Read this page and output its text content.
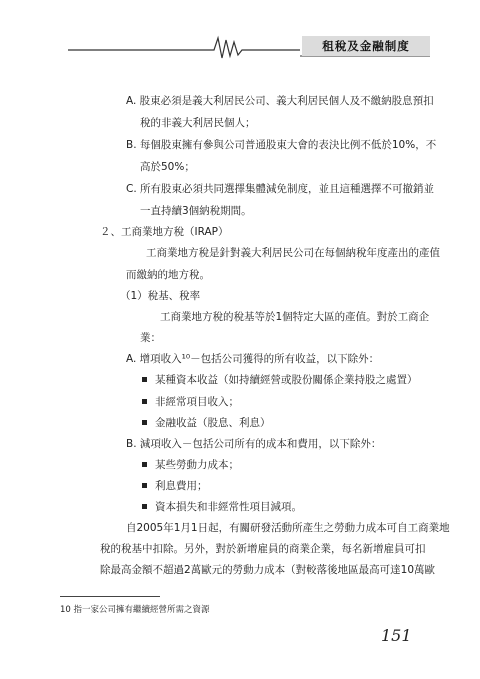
租稅及金融制度
A. 股東必須是義大利居民公司、義大利居民個人及不繳納股息預扣
稅的非義大利居民個人；
B. 每個股東擁有參與公司普通股東大會的表決比例不低於10%，不
高於50%；
C. 所有股東必須共同選擇集體減免制度，並且這種選擇不可撤銷並
一直持續3個納稅期間。
２、工商業地方稅（IRAP）
工商業地方稅是針對義大利居民公司在每個納稅年度產出的產值
而繳納的地方稅。
（1）稅基、稅率
工商業地方稅的稅基等於1個特定大區的產值。對於工商企
業：
A. 增項收入¹⁰－包括公司獲得的所有收益，以下除外：
某種資本收益（如持續經營或股份關係企業持股之處置）
非經常項目收入；
金融收益（股息、利息）
B. 減項收入－包括公司所有的成本和費用，以下除外：
某些勞動力成本；
利息費用；
資本損失和非經常性項目減項。
自2005年1月1日起，有關研發活動所產生之勞動力成本可自工商業地
稅的稅基中扣除。另外，對於新增雇員的商業企業，每名新增雇員可扣
除最高金額不超過2萬歐元的勞動力成本（對較落後地區最高可達10萬歐
10 指一家公司擁有繼續經營所需之資源
151
